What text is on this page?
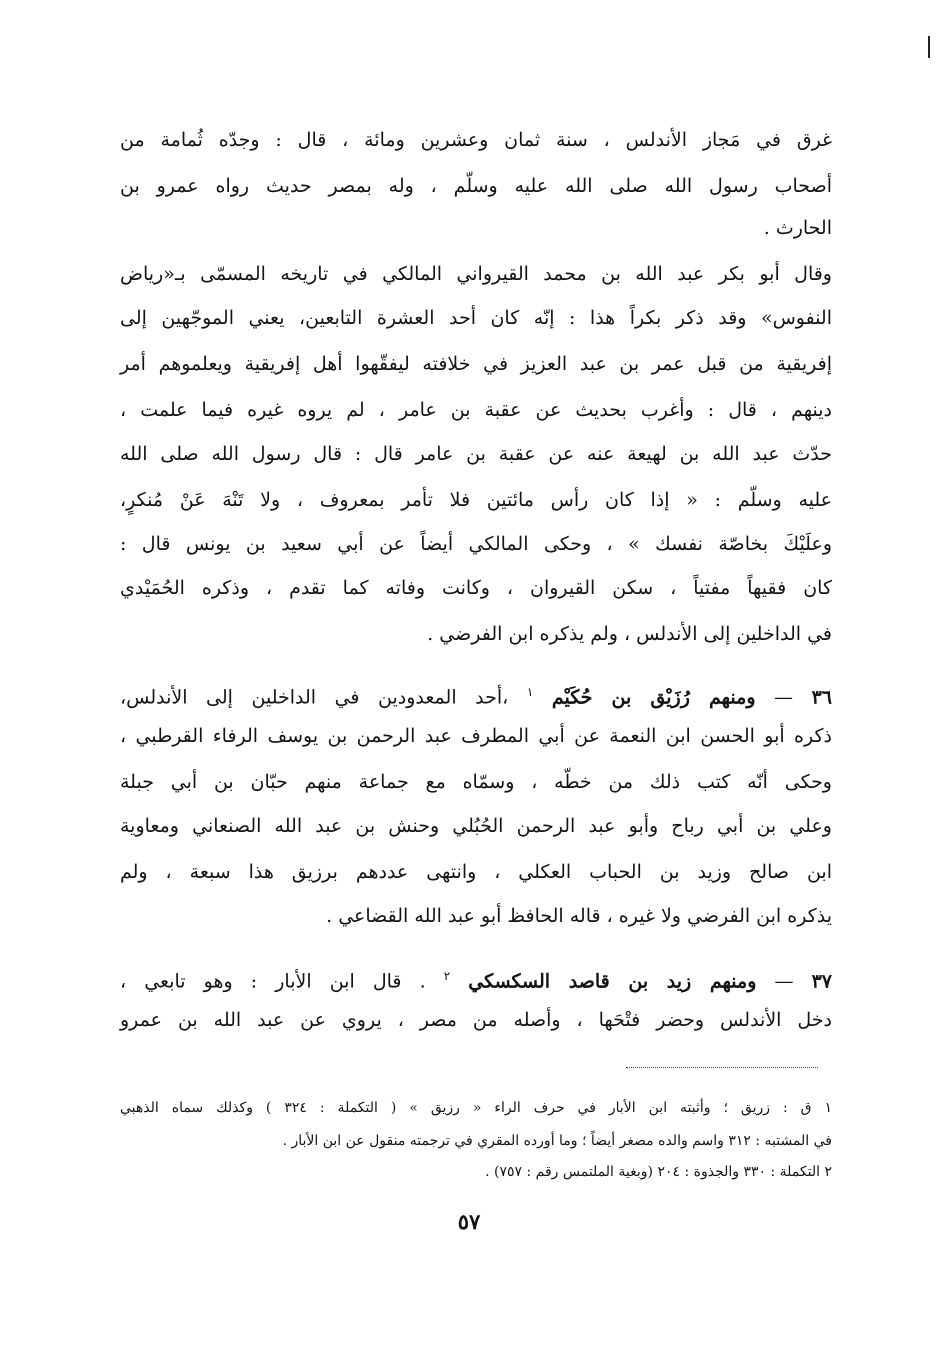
غرق في مَجاز الأندلس ، سنة ثمان وعشرين ومائة ، قال : وجدّه ثُمامة من
أصحاب رسول الله صلى الله عليه وسلّم ، وله بمصر حديث رواه عمرو بن
الحارث .
وقال أبو بكر عبد الله بن محمد القيرواني المالكي في تاريخه المسمّى بـ«رياض
النفوس» وقد ذكر بكراً هذا : إنّه كان أحد العشرة التابعين، يعني الموجّهين إلى
إفريقية من قبل عمر بن عبد العزيز في خلافته ليفقّهوا أهل إفريقية ويعلموهم أمر
دينهم ، قال : وأغرب بحديث عن عقبة بن عامر ، لم يروه غيره فيما علمت ،
حدّث عبد الله بن لهيعة عنه عن عقبة بن عامر قال : قال رسول الله صلى الله
عليه وسلّم : « إذا كان رأس مائتين فلا تأمر بمعروف ، ولا تَنْهَ عَنْ مُنكرٍ،
وعلَيْكَ بخاصّة نفسك » ، وحكى المالكي أيضاً عن أبي سعيد بن يونس قال :
كان فقيهاً مفتياً ، سكن القيروان ، وكانت وفاته كما تقدم ، وذكره الحُمَيْدي
في الداخلين إلى الأندلس ، ولم يذكره ابن الفرضي .
٣٦ — ومنهم رُزَيْق بن حُكَيْم $^١$ ،أحد المعدودين في الداخلين إلى الأندلس،
ذكره أبو الحسن ابن النعمة عن أبي المطرف عبد الرحمن بن يوسف الرفاء القرطبي ،
وحكى أنّه كتب ذلك من خطّه ، وسمّاه مع جماعة منهم حبّان بن أبي جبلة
وعلي بن أبي رباح وأبو عبد الرحمن الحُبُلي وحنش بن عبد الله الصنعاني ومعاوية
ابن صالح وزيد بن الحباب العكلي ، وانتهى عددهم برزيق هذا سبعة ، ولم
يذكره ابن الفرضي ولا غيره ، قاله الحافظ أبو عبد الله القضاعي .
٣٧ — ومنهم زيد بن قاصد السكسكي $^٢$ . قال ابن الأبار : وهو تابعي ،
دخل الأندلس وحضر فتْحَها ، وأصله من مصر ، يروي عن عبد الله بن عمرو
١ ق : زريق ؛ وأثبته ابن الأبار في حرف الراء « رزيق » ( التكملة : ٣٢٤ ) وكذلك سماه الذهبي
في المشتبه : ٣١٢ واسم والده مصغر أيضاً ؛ وما أورده المقري في ترجمته منقول عن ابن الأبار .
٢ التكملة : ٣٣٠ والجذوة : ٢٠٤ (وبغية الملتمس رقم : ٧٥٧) .
٥٧
